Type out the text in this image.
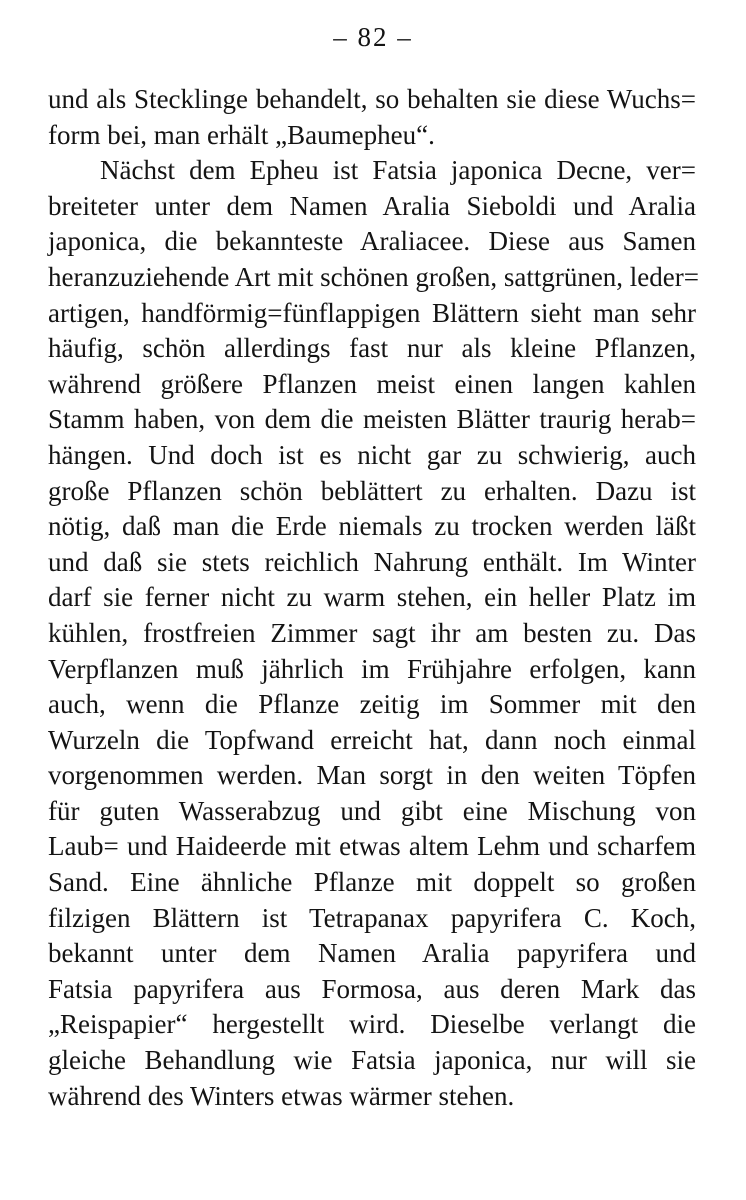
– 82 –
und als Stecklinge behandelt, so behalten sie diese Wuchs=
form bei, man erhält „Baumepheu“.
Nächst dem Epheu ist Fatsia japonica Decne, ver=
breiteter unter dem Namen Aralia Sieboldi und Aralia
japonica, die bekannteste Araliacee. Diese aus Samen
heranzuziehende Art mit schönen großen, sattgrünen, leder=
artigen, handförmig=fünflappigen Blättern sieht man sehr
häufig, schön allerdings fast nur als kleine Pflanzen,
während größere Pflanzen meist einen langen kahlen
Stamm haben, von dem die meisten Blätter traurig herab=
hängen. Und doch ist es nicht gar zu schwierig, auch
große Pflanzen schön beblättert zu erhalten. Dazu ist
nötig, daß man die Erde niemals zu trocken werden läßt
und daß sie stets reichlich Nahrung enthält. Im Winter
darf sie ferner nicht zu warm stehen, ein heller Platz im
kühlen, frostfreien Zimmer sagt ihr am besten zu. Das
Verpflanzen muß jährlich im Frühjahre erfolgen, kann
auch, wenn die Pflanze zeitig im Sommer mit den
Wurzeln die Topfwand erreicht hat, dann noch einmal
vorgenommen werden. Man sorgt in den weiten Töpfen
für guten Wasserabzug und gibt eine Mischung von
Laub= und Haideerde mit etwas altem Lehm und scharfem
Sand. Eine ähnliche Pflanze mit doppelt so großen
filzigen Blättern ist Tetrapanax papyrifera C. Koch,
bekannt unter dem Namen Aralia papyrifera und
Fatsia papyrifera aus Formosa, aus deren Mark das
„Reispapier“ hergestellt wird. Dieselbe verlangt die
gleiche Behandlung wie Fatsia japonica, nur will sie
während des Winters etwas wärmer stehen.
